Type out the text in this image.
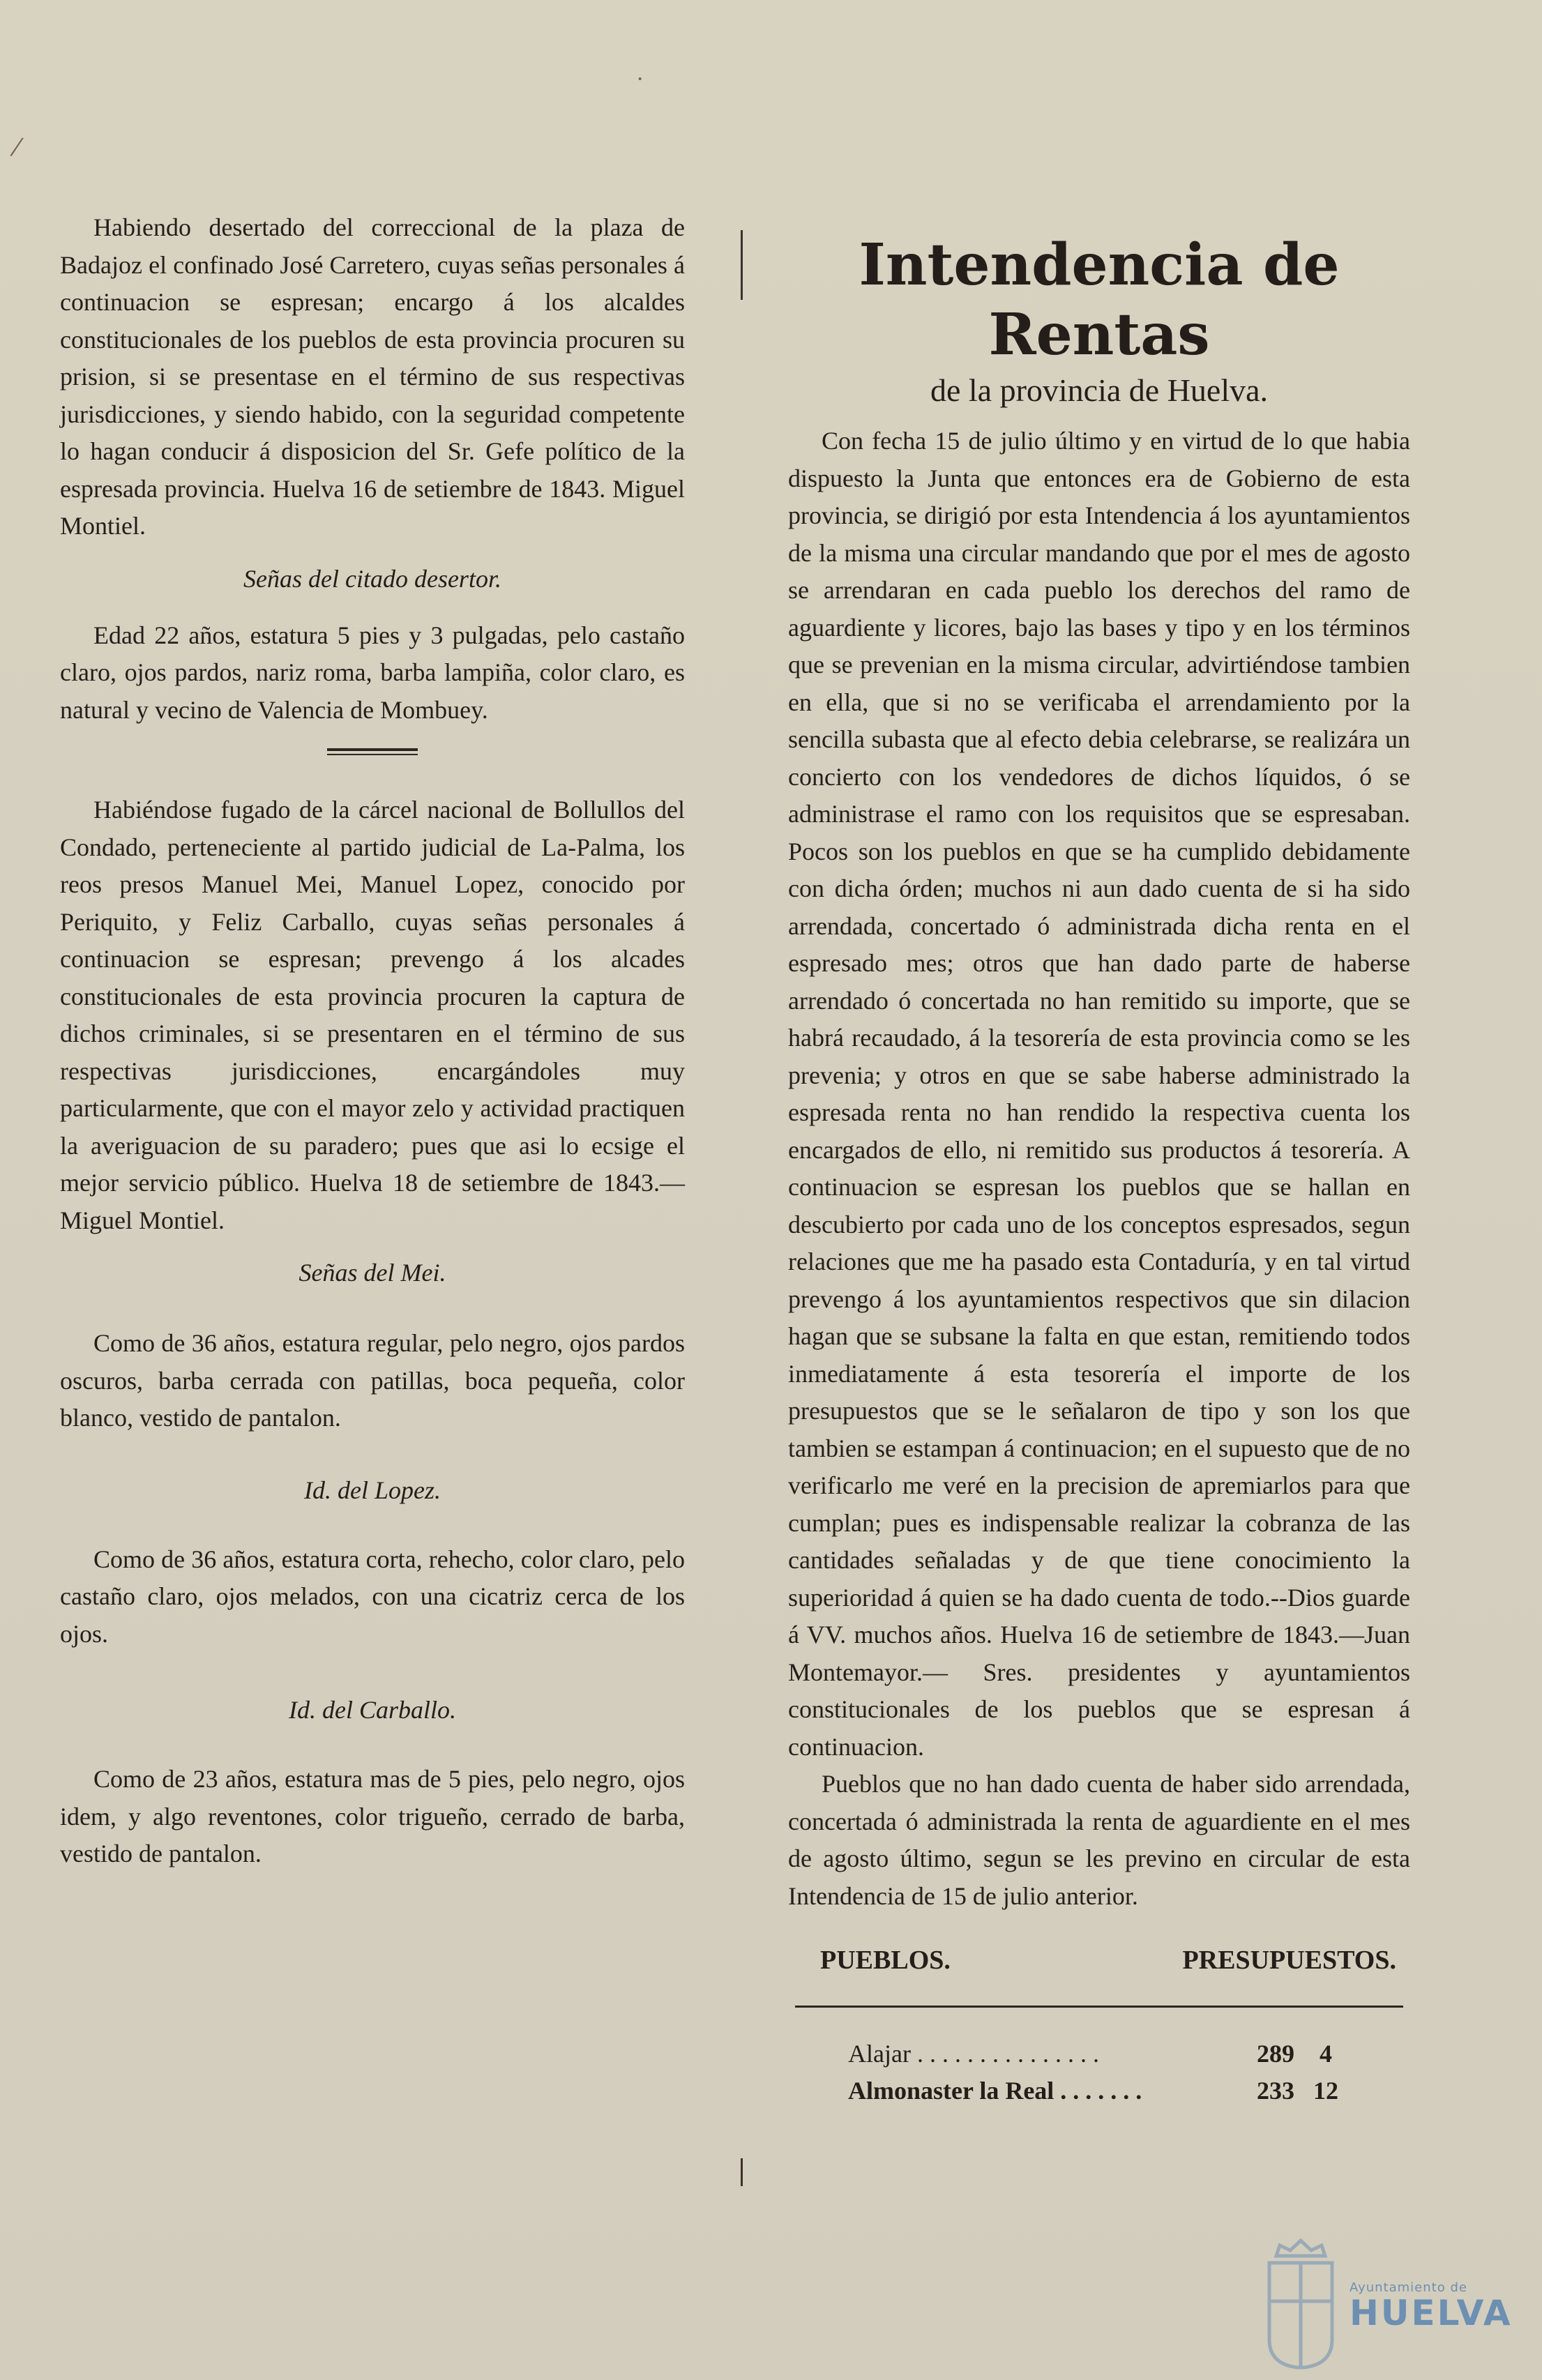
/
·

Habiendo desertado del correccional de la plaza de Badajoz el confinado José Carretero, cuyas señas personales á continuacion se espresan; encargo á los alcaldes constitucionales de los pueblos de esta provincia procuren su prision, si se presentase en el término de sus respectivas jurisdicciones, y siendo habido, con la seguridad competente lo hagan conducir á disposicion del Sr. Gefe político de la espresada provincia. Huelva 16 de setiembre de 1843. Miguel Montiel.

Señas del citado desertor.

Edad 22 años, estatura 5 pies y 3 pulgadas, pelo castaño claro, ojos pardos, nariz roma, barba lampiña, color claro, es natural y vecino de Valencia de Mombuey.

Habiéndose fugado de la cárcel nacional de Bollullos del Condado, perteneciente al partido judicial de La-Palma, los reos presos Manuel Mei, Manuel Lopez, conocido por Periquito, y Feliz Carballo, cuyas señas personales á continuacion se espresan; prevengo á los alcades constitucionales de esta provincia procuren la captura de dichos criminales, si se presentaren en el término de sus respectivas jurisdicciones, encargándoles muy particularmente, que con el mayor zelo y actividad practiquen la averiguacion de su paradero; pues que asi lo ecsige el mejor servicio público. Huelva 18 de setiembre de 1843.—Miguel Montiel.

Señas del Mei.

Como de 36 años, estatura regular, pelo negro, ojos pardos oscuros, barba cerrada con patillas, boca pequeña, color blanco, vestido de pantalon.

Id. del Lopez.

Como de 36 años, estatura corta, rehecho, color claro, pelo castaño claro, ojos melados, con una cicatriz cerca de los ojos.

Id. del Carballo.

Como de 23 años, estatura mas de 5 pies, pelo negro, ojos idem, y algo reventones, color trigueño, cerrado de barba, vestido de pantalon.

Intendencia de Rentas

de la provincia de Huelva.

Con fecha 15 de julio último y en virtud de lo que habia dispuesto la Junta que entonces era de Gobierno de esta provincia, se dirigió por esta Intendencia á los ayuntamientos de la misma una circular mandando que por el mes de agosto se arrendaran en cada pueblo los derechos del ramo de aguardiente y licores, bajo las bases y tipo y en los términos que se prevenian en la misma circular, advirtiéndose tambien en ella, que si no se verificaba el arrendamiento por la sencilla subasta que al efecto debia celebrarse, se realizára un concierto con los vendedores de dichos líquidos, ó se administrase el ramo con los requisitos que se espresaban. Pocos son los pueblos en que se ha cumplido debidamente con dicha órden; muchos ni aun dado cuenta de si ha sido arrendada, concertado ó administrada dicha renta en el espresado mes; otros que han dado parte de haberse arrendado ó concertada no han remitido su importe, que se habrá recaudado, á la tesorería de esta provincia como se les prevenia; y otros en que se sabe haberse administrado la espresada renta no han rendido la respectiva cuenta los encargados de ello, ni remitido sus productos á tesorería. A continuacion se espresan los pueblos que se hallan en descubierto por cada uno de los conceptos espresados, segun relaciones que me ha pasado esta Contaduría, y en tal virtud prevengo á los ayuntamientos respectivos que sin dilacion hagan que se subsane la falta en que estan, remitiendo todos inmediatamente á esta tesorería el importe de los presupuestos que se le señalaron de tipo y son los que tambien se estampan á continuacion; en el supuesto que de no verificarlo me veré en la precision de apremiarlos para que cumplan; pues es indispensable realizar la cobranza de las cantidades señaladas y de que tiene conocimiento la superioridad á quien se ha dado cuenta de todo.--Dios guarde á VV. muchos años. Huelva 16 de setiembre de 1843.—Juan Montemayor.— Sres. presidentes y ayuntamientos constitucionales de los pueblos que se espresan á continuacion.

Pueblos que no han dado cuenta de haber sido arrendada, concertada ó administrada la renta de aguardiente en el mes de agosto último, segun se les previno en circular de esta Intendencia de 15 de julio anterior.

PUEBLOS.	PRESUPUESTOS.
Alajar . . . . . . . . . . . . . . .	289	4
Almonaster la Real . . . . . . .	233 12
Ayuntamiento de
HUELVA
